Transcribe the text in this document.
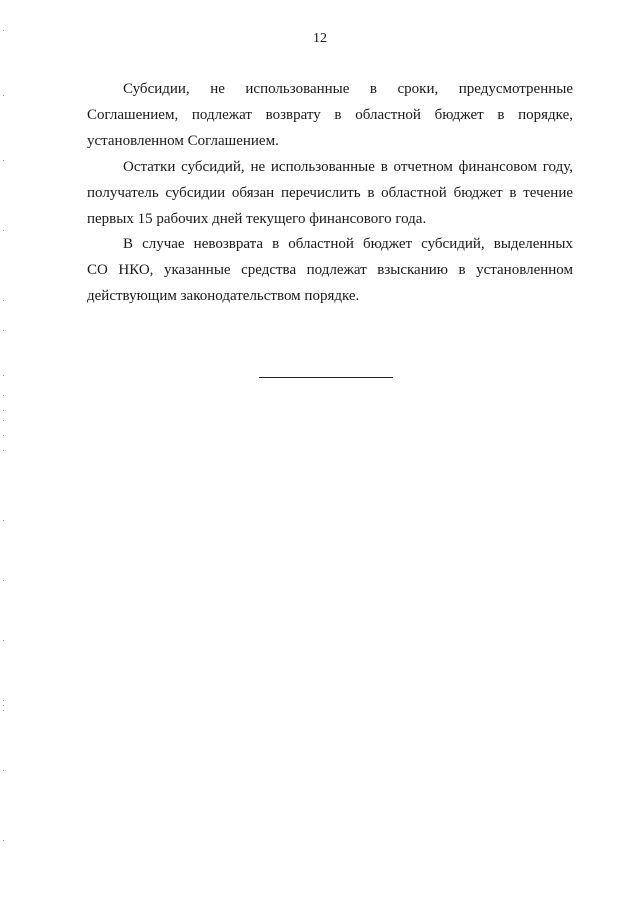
12
Субсидии, не использованные в сроки, предусмотренные
Соглашением, подлежат возврату в областной бюджет в порядке,
установленном Соглашением.
Остатки субсидий, не использованные в отчетном финансовом году,
получатель субсидии обязан перечислить в областной бюджет в течение
первых 15 рабочих дней текущего финансового года.
В случае невозврата в областной бюджет субсидий, выделенных
СО НКО, указанные средства подлежат взысканию в установленном
действующим законодательством порядке.
